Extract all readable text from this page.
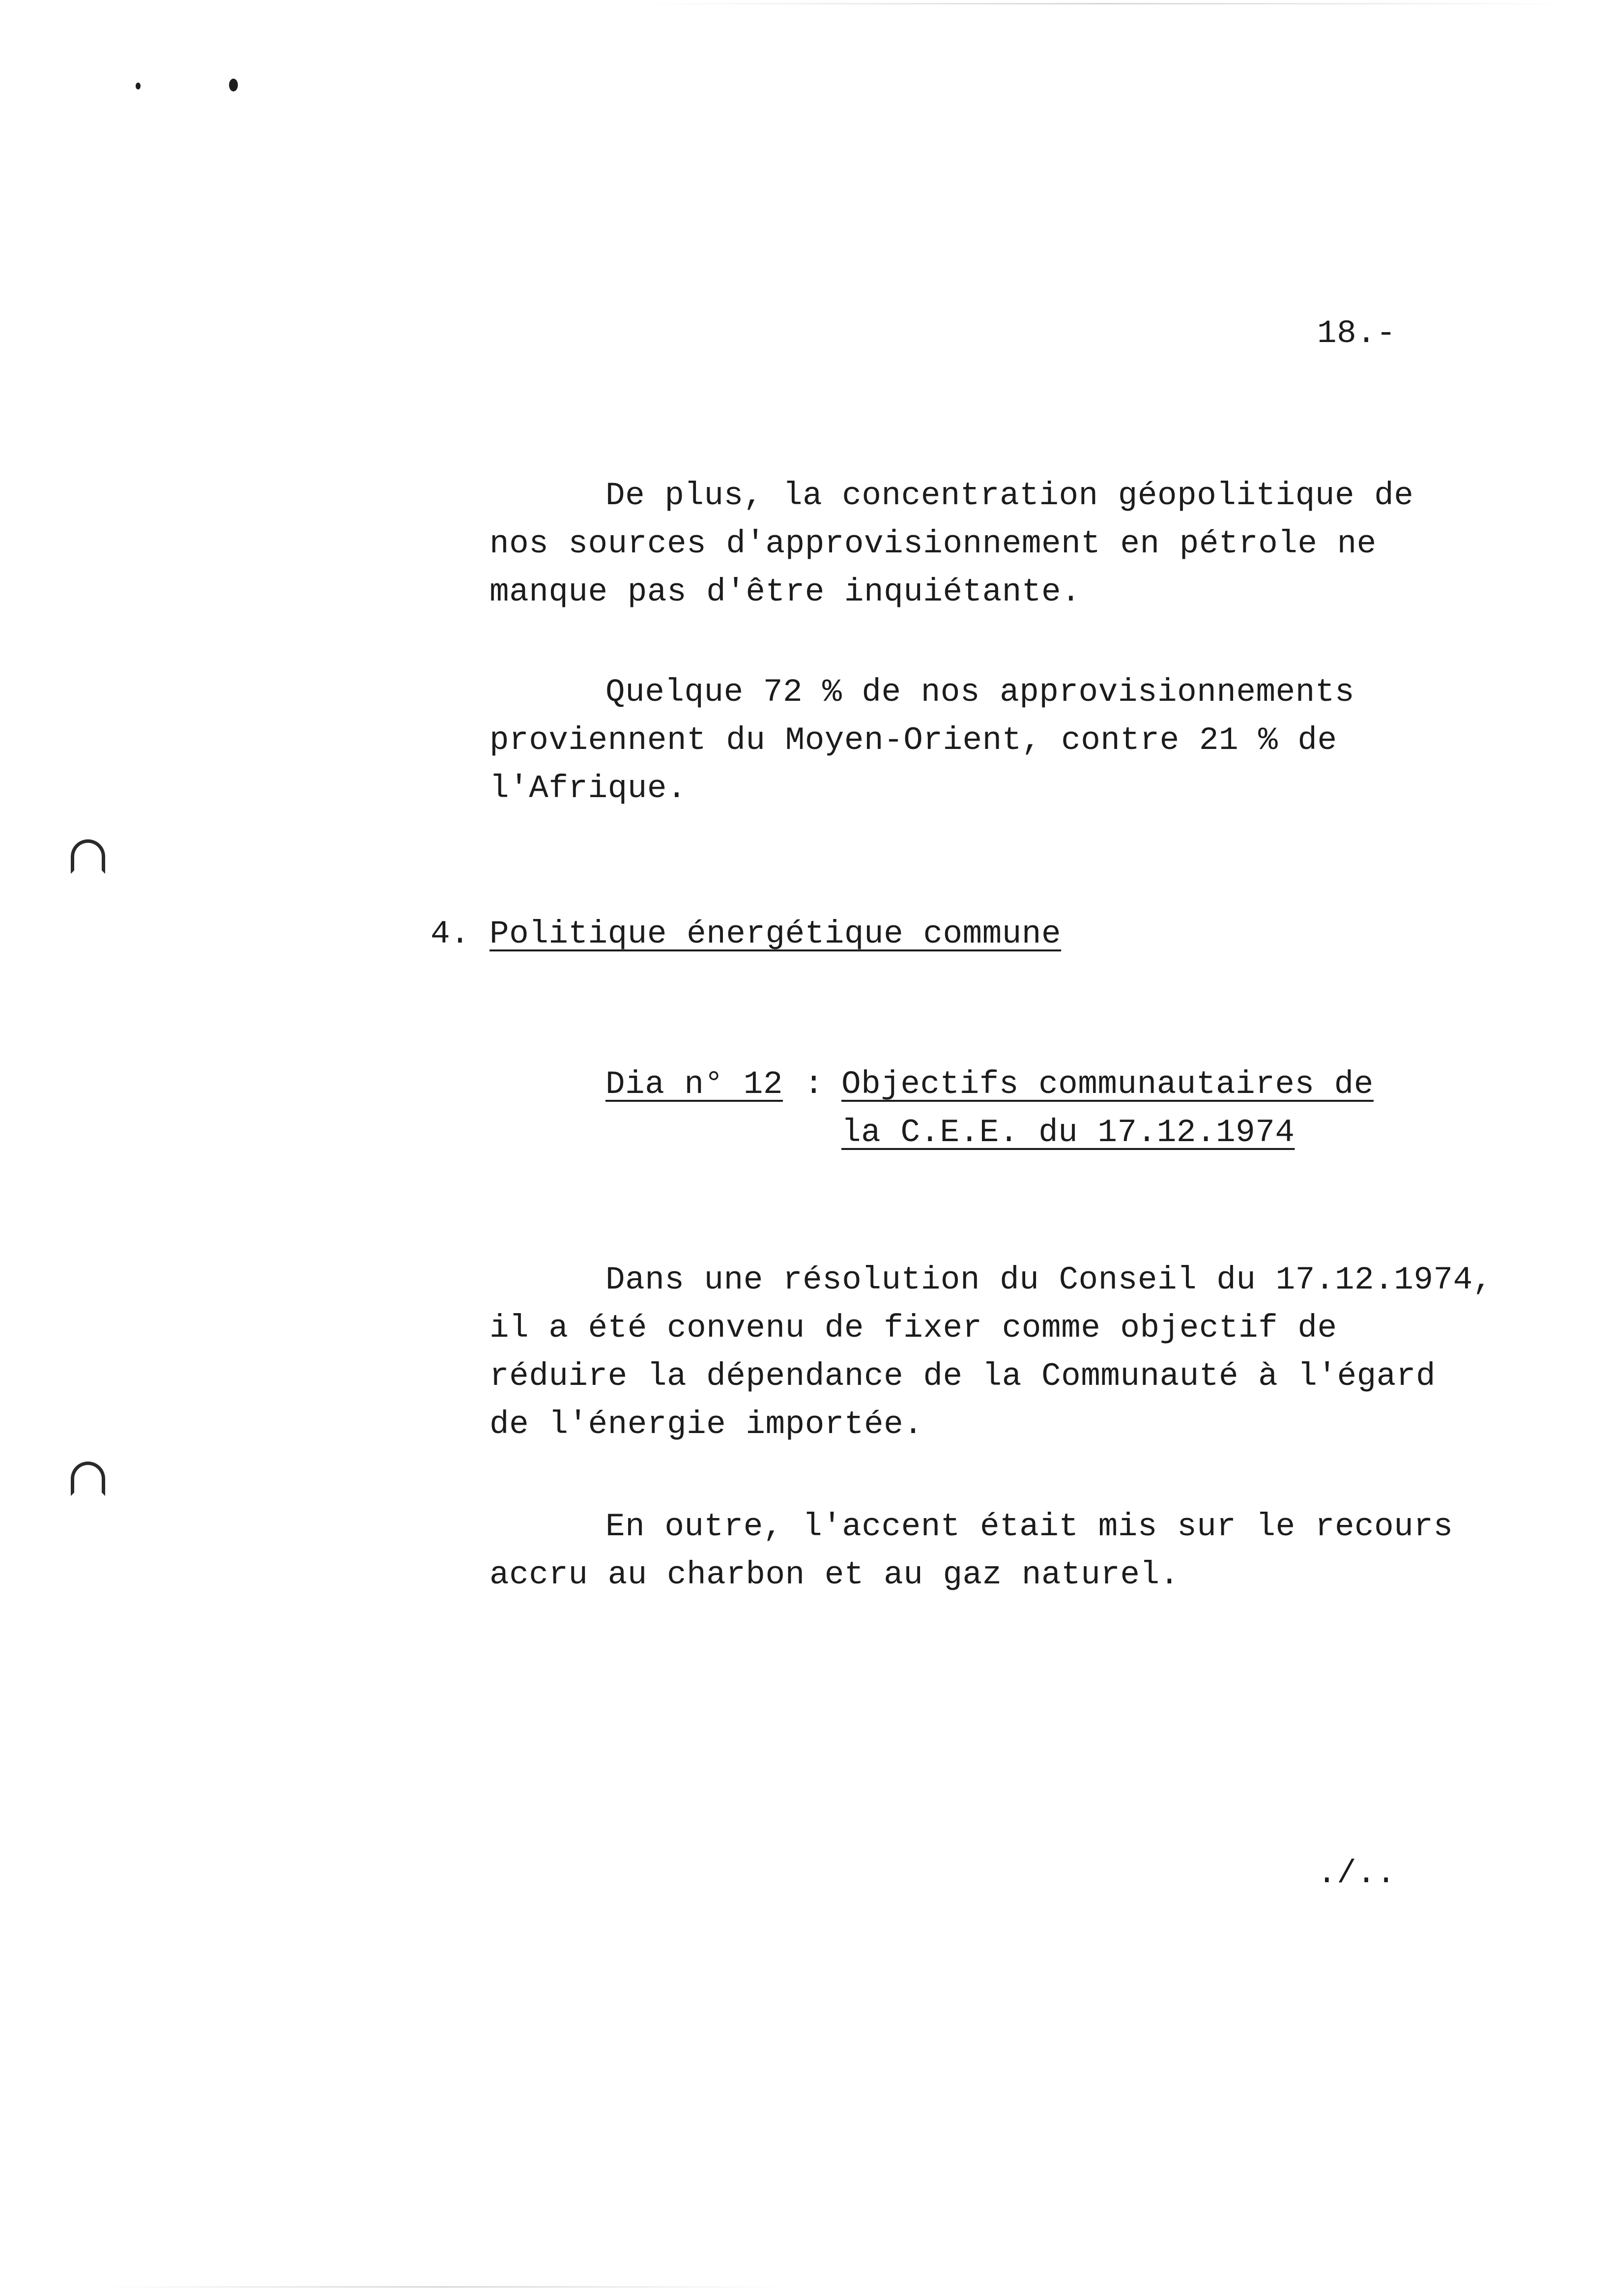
18.-
De plus, la concentration géopolitique de
nos sources d'approvisionnement en pétrole ne
manque pas d'être inquiétante.
Quelque 72 % de nos approvisionnements
proviennent du Moyen-Orient, contre 21 % de
l'Afrique.
4. Politique énergétique commune
Dia n° 12 : Objectifs communautaires de
la C.E.E. du 17.12.1974
Dans une résolution du Conseil du 17.12.1974,
il a été convenu de fixer comme objectif de
réduire la dépendance de la Communauté à l'égard
de l'énergie importée.
En outre, l'accent était mis sur le recours
accru au charbon et au gaz naturel.
./..
